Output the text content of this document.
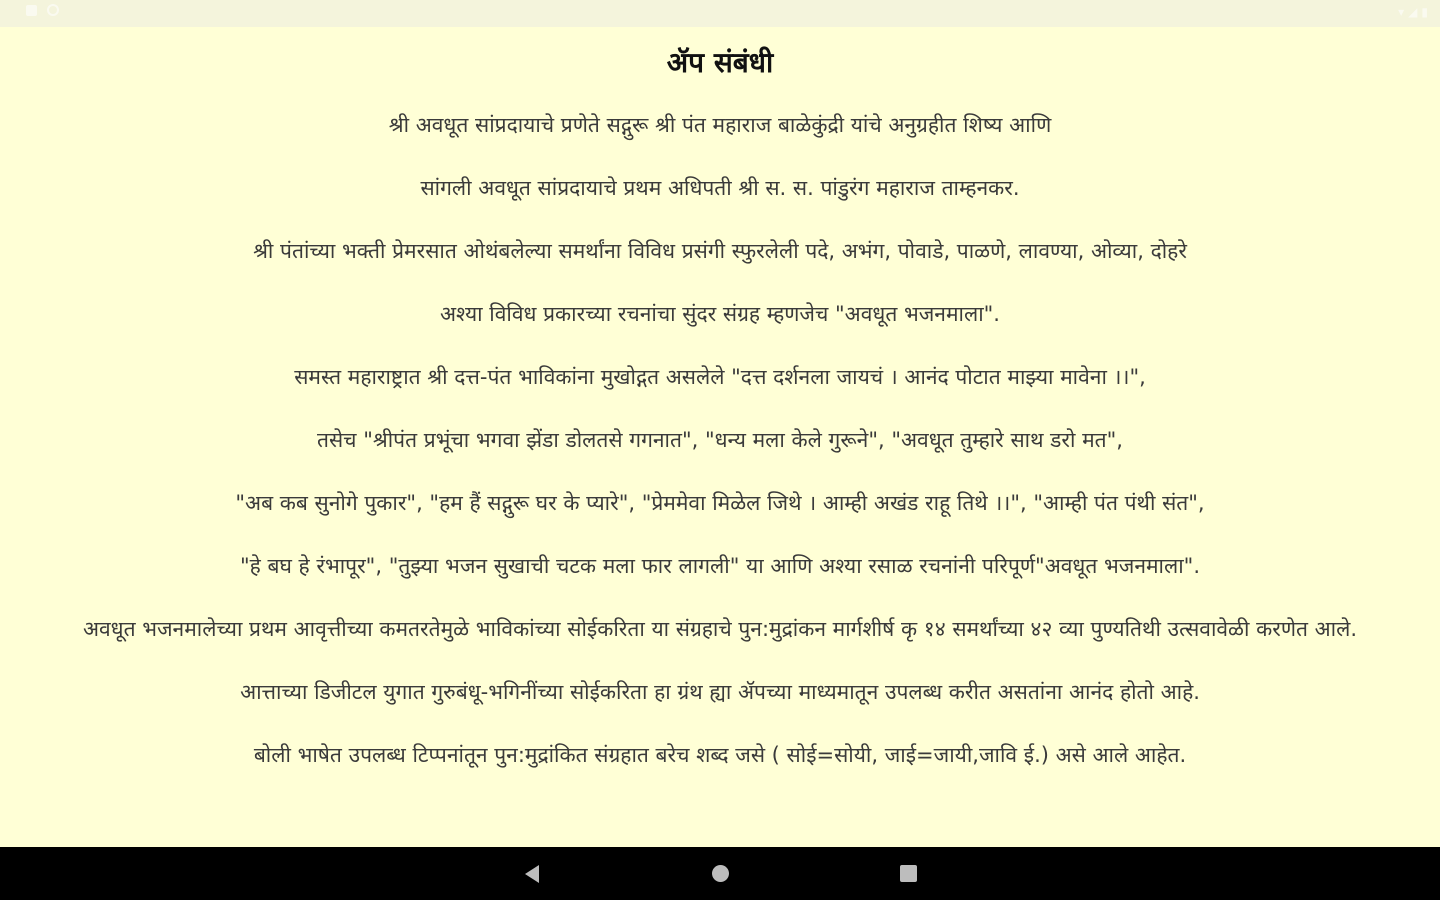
▾ ◢ ▮
ॲप संबंधी
श्री अवधूत सांप्रदायाचे प्रणेते सद्गुरू श्री पंत महाराज बाळेकुंद्री यांचे अनुग्रहीत शिष्य आणि
सांगली अवधूत सांप्रदायाचे प्रथम अधिपती श्री स. स. पांडुरंग महाराज ताम्हनकर.
श्री पंतांच्या भक्ती प्रेमरसात ओथंबलेल्या समर्थांना विविध प्रसंगी स्फुरलेली पदे, अभंग, पोवाडे, पाळणे, लावण्या, ओव्या, दोहरे
अश्या विविध प्रकारच्या रचनांचा सुंदर संग्रह म्हणजेच "अवधूत भजनमाला".
समस्त महाराष्ट्रात श्री दत्त-पंत भाविकांना मुखोद्गत असलेले "दत्त दर्शनला जायचं । आनंद पोटात माझ्या मावेना ।।",
तसेच "श्रीपंत प्रभूंचा भगवा झेंडा डोलतसे गगनात", "धन्य मला केले गुरूने", "अवधूत तुम्हारे साथ डरो मत",
"अब कब सुनोगे पुकार", "हम हैं सद्गुरू घर के प्यारे", "प्रेममेवा मिळेल जिथे । आम्ही अखंड राहू तिथे ।।", "आम्ही पंत पंथी संत",
"हे बघ हे रंभापूर", "तुझ्या भजन सुखाची चटक मला फार लागली" या आणि अश्या रसाळ रचनांनी परिपूर्ण"अवधूत भजनमाला".
अवधूत भजनमालेच्या प्रथम आवृत्तीच्या कमतरतेमुळे भाविकांच्या सोईकरिता या संग्रहाचे पुन:मुद्रांकन मार्गशीर्ष कृ १४ समर्थांच्या ४२ व्या पुण्यतिथी उत्सवावेळी करणेत आले.
आत्ताच्या डिजीटल युगात गुरुबंधू-भगिनींच्या सोईकरिता हा ग्रंथ ह्या ॲपच्या माध्यमातून उपलब्ध करीत असतांना आनंद होतो आहे.
बोली भाषेत उपलब्ध टिप्पनांतून पुन:मुद्रांकित संग्रहात बरेच शब्द जसे ( सोई=सोयी, जाई=जायी,जावि ई.) असे आले आहेत.
